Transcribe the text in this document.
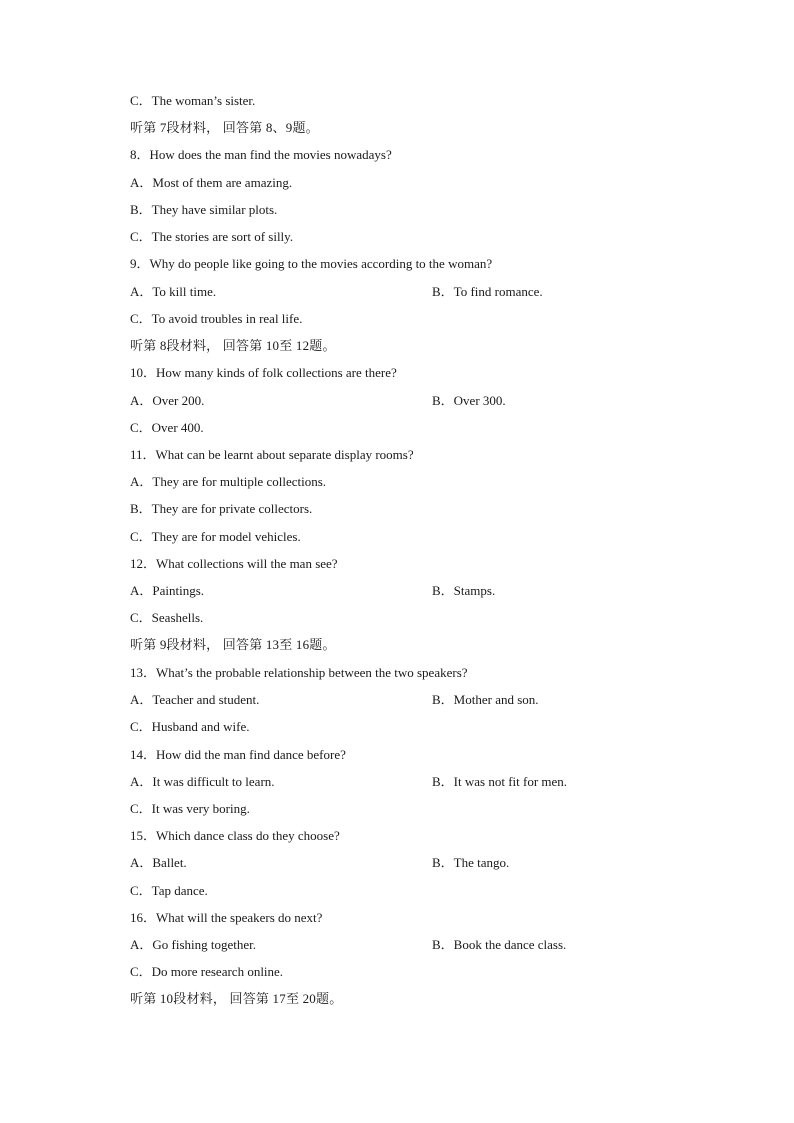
C．The woman’s sister.
听第 7段材料， 回答第 8、9题。
8．How does the man find the movies nowadays?
A．Most of them are amazing.
B．They have similar plots.
C．The stories are sort of silly.
9．Why do people like going to the movies according to the woman?
A．To kill time.	B．To find romance.
C．To avoid troubles in real life.
听第 8段材料， 回答第 10至 12题。
10．How many kinds of folk collections are there?
A．Over 200.	B．Over 300.
C．Over 400.
11．What can be learnt about separate display rooms?
A．They are for multiple collections.
B．They are for private collectors.
C．They are for model vehicles.
12．What collections will the man see?
A．Paintings.	B．Stamps.
C．Seashells.
听第 9段材料， 回答第 13至 16题。
13．What’s the probable relationship between the two speakers?
A．Teacher and student.	B．Mother and son.
C．Husband and wife.
14．How did the man find dance before?
A．It was difficult to learn.	B．It was not fit for men.
C．It was very boring.
15．Which dance class do they choose?
A．Ballet.	B．The tango.
C．Tap dance.
16．What will the speakers do next?
A．Go fishing together.	B．Book the dance class.
C．Do more research online.
听第 10段材料， 回答第 17至 20题。
